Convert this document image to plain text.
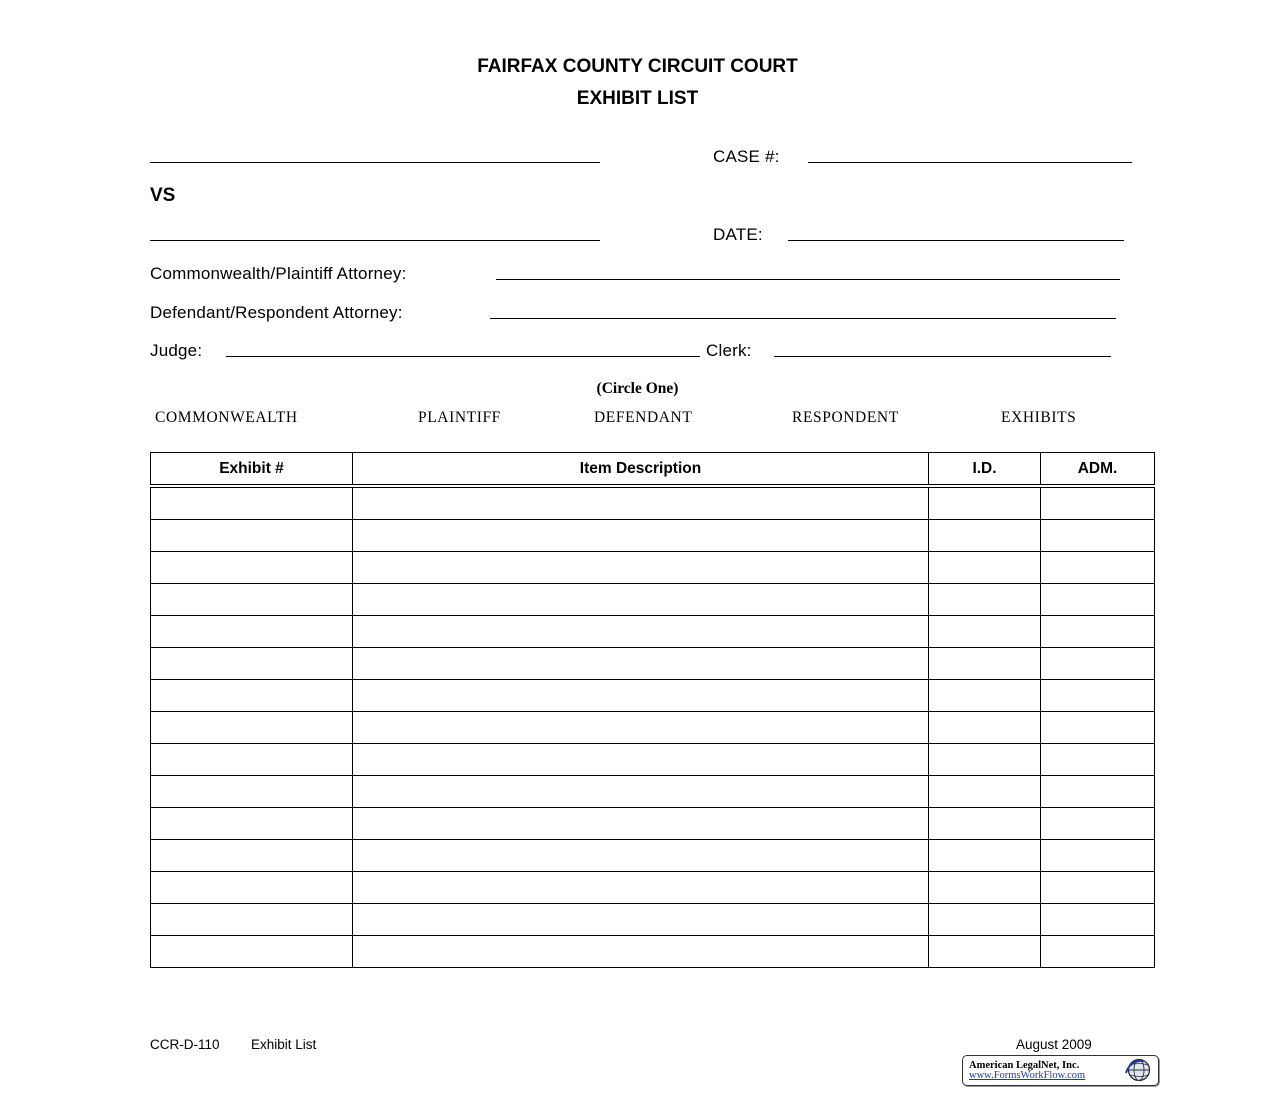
FAIRFAX COUNTY CIRCUIT COURT
EXHIBIT LIST
CASE #:
VS
DATE:
Commonwealth/Plaintiff Attorney:
Defendant/Respondent Attorney:
Judge:	Clerk:
(Circle One)
COMMONWEALTH	PLAINTIFF	DEFENDANT	RESPONDENT	EXHIBITS
Exhibit #	Item Description	I.D.	ADM.

CCR-D-110 Exhibit List	August 2009
American LegalNet, Inc.
www.FormsWorkFlow.com
